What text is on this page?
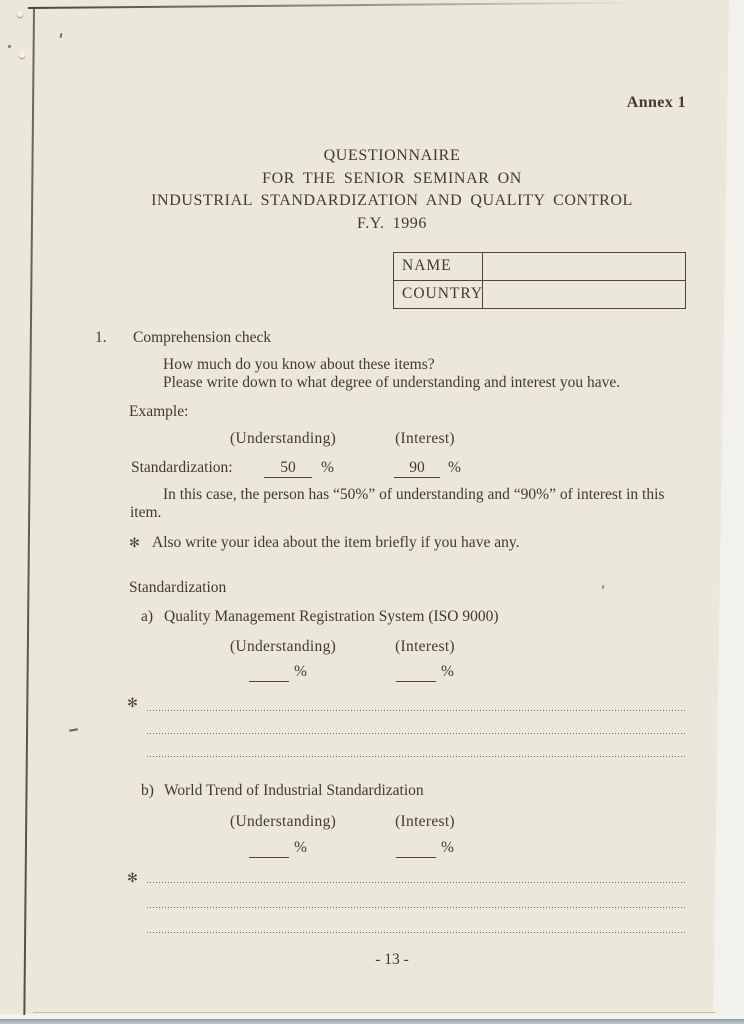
Annex 1
QUESTIONNAIRE
FOR THE SENIOR SEMINAR ON
INDUSTRIAL STANDARDIZATION AND QUALITY CONTROL
F.Y. 1996
NAME
COUNTRY
1. Comprehension check
How much do you know about these items?
Please write down to what degree of understanding and interest you have.
Example:
(Understanding)	(Interest)
Standardization:	50	%	90	%
In this case, the person has “50%” of understanding and “90%” of interest in this
item.
✻ Also write your idea about the item briefly if you have any.
Standardization
a) Quality Management Registration System (ISO 9000)
(Understanding)	(Interest)
%	%
✻
b) World Trend of Industrial Standardization
(Understanding)	(Interest)
%	%
✻
- 13 -
